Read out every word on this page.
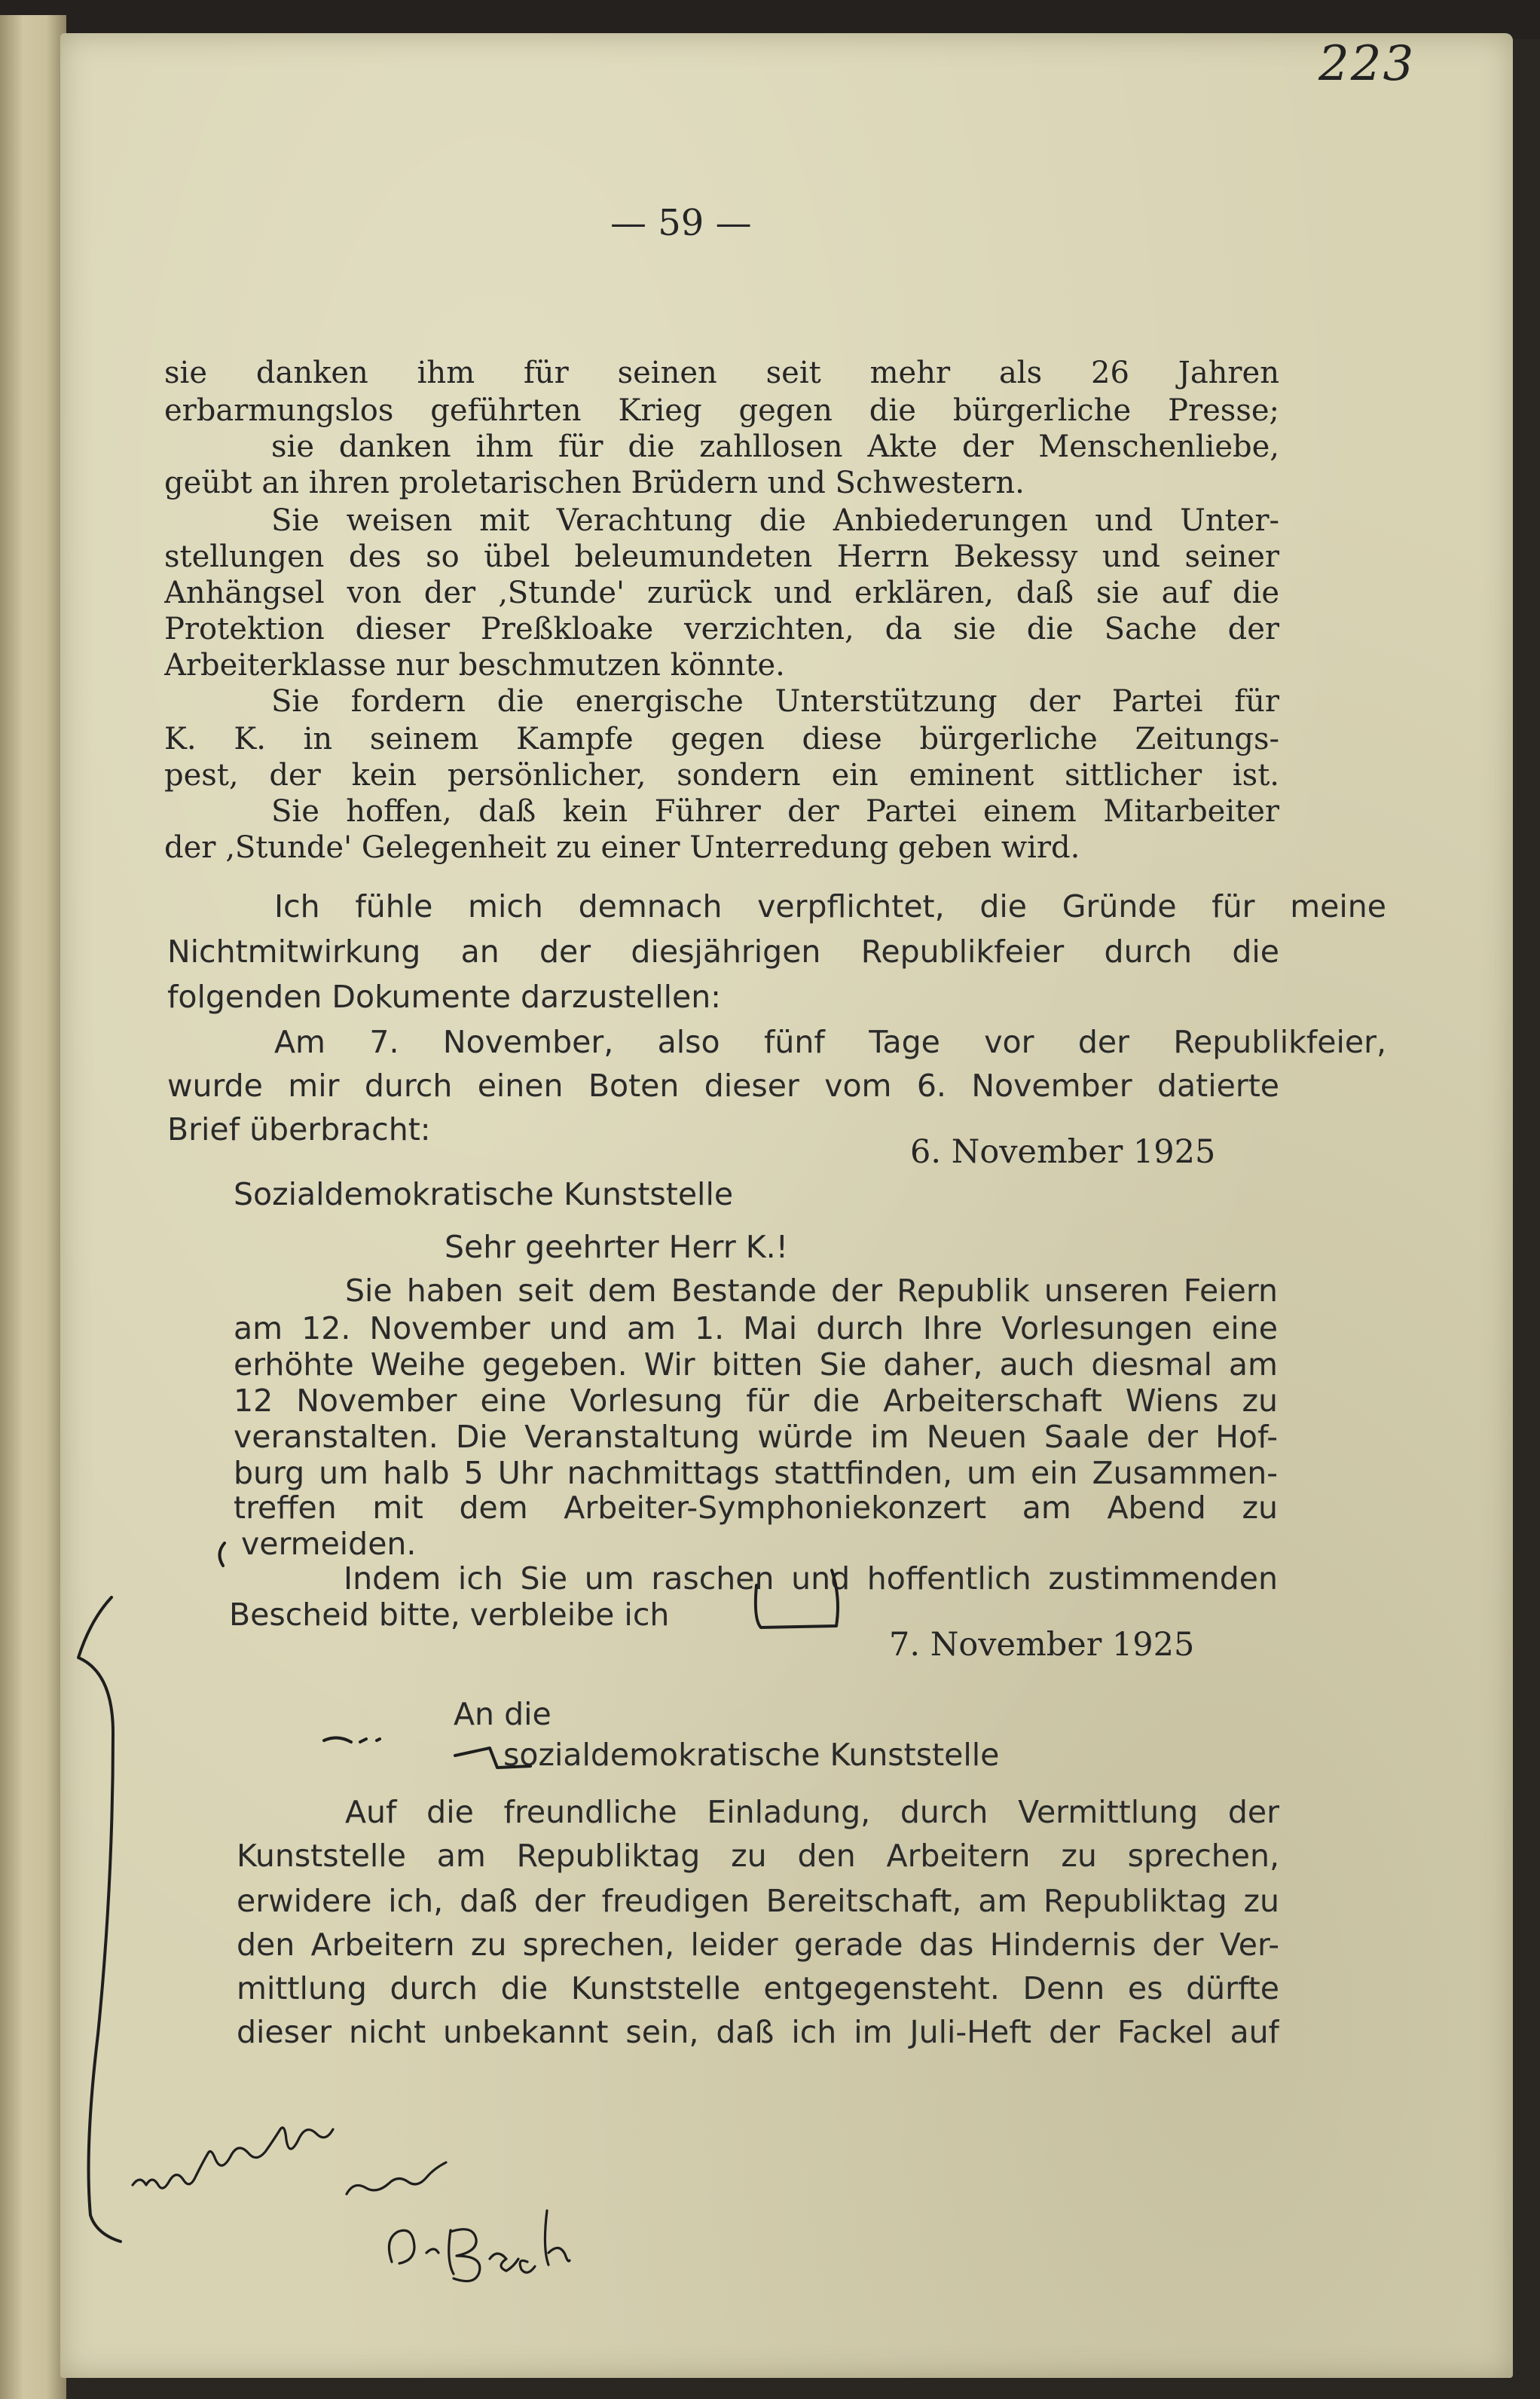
223
— 59 —
sie danken ihm für seinen seit mehr als 26 Jahren
erbarmungslos geführten Krieg gegen die bürgerliche Presse;
sie danken ihm für die zahllosen Akte der Menschenliebe,
geübt an ihren proletarischen Brüdern und Schwestern.
Sie weisen mit Verachtung die Anbiederungen und Unter-
stellungen des so übel beleumundeten Herrn Bekessy und seiner
Anhängsel von der ‚Stunde' zurück und erklären, daß sie auf die
Protektion dieser Preßkloake verzichten, da sie die Sache der
Arbeiterklasse nur beschmutzen könnte.
Sie fordern die energische Unterstützung der Partei für
K. K. in seinem Kampfe gegen diese bürgerliche Zeitungs-
pest, der kein persönlicher, sondern ein eminent sittlicher ist.
Sie hoffen, daß kein Führer der Partei einem Mitarbeiter
der ‚Stunde' Gelegenheit zu einer Unterredung geben wird.
Ich fühle mich demnach verpflichtet, die Gründe für meine
Nichtmitwirkung an der diesjährigen Republikfeier durch die
folgenden Dokumente darzustellen:
Am 7. November, also fünf Tage vor der Republikfeier,
wurde mir durch einen Boten dieser vom 6. November datierte
Brief überbracht:
Sozialdemokratische Kunststelle
6. November 1925
Sehr geehrter Herr K.!
Sie haben seit dem Bestande der Republik unseren Feiern
am 12. November und am 1. Mai durch Ihre Vorlesungen eine
erhöhte Weihe gegeben. Wir bitten Sie daher, auch diesmal am
12 November eine Vorlesung für die Arbeiterschaft Wiens zu
veranstalten. Die Veranstaltung würde im Neuen Saale der Hof-
burg um halb 5 Uhr nachmittags stattfinden, um ein Zusammen-
treffen mit dem Arbeiter-Symphoniekonzert am Abend zu
vermeiden.
Indem ich Sie um raschen und hoffentlich zustimmenden
Bescheid bitte, verbleibe ich
7. November 1925
An die
sozialdemokratische Kunststelle
Auf die freundliche Einladung, durch Vermittlung der
Kunststelle am Republiktag zu den Arbeitern zu sprechen,
erwidere ich, daß der freudigen Bereitschaft, am Republiktag zu
den Arbeitern zu sprechen, leider gerade das Hindernis der Ver-
mittlung durch die Kunststelle entgegensteht. Denn es dürfte
dieser nicht unbekannt sein, daß ich im Juli-Heft der Fackel auf
